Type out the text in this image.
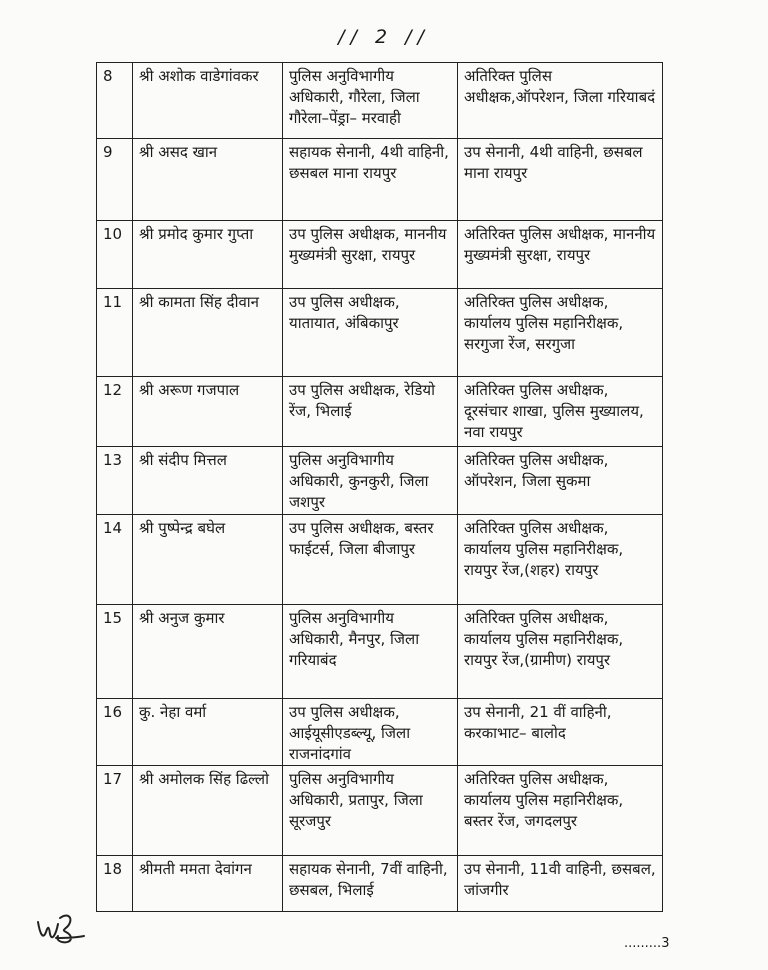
// 2 //
8	श्री अशोक वाडेगांवकर	पुलिस अनुविभागीय अधिकारी, गौरेला, जिला गौरेला–पेंड्रा– मरवाही	अतिरिक्त पुलिस अधीक्षक,ऑपरेशन, जिला गरियाबदं
9	श्री असद खान	सहायक सेनानी, 4थी वाहिनी, छसबल माना रायपुर	उप सेनानी, 4थी वाहिनी, छसबल माना रायपुर
10	श्री प्रमोद कुमार गुप्ता	उप पुलिस अधीक्षक, माननीय मुख्यमंत्री सुरक्षा, रायपुर	अतिरिक्त पुलिस अधीक्षक, माननीय मुख्यमंत्री सुरक्षा, रायपुर
11	श्री कामता सिंह दीवान	उप पुलिस अधीक्षक, यातायात, अंबिकापुर	अतिरिक्त पुलिस अधीक्षक, कार्यालय पुलिस महानिरीक्षक, सरगुजा रेंज, सरगुजा
12	श्री अरूण गजपाल	उप पुलिस अधीक्षक, रेडियो रेंज, भिलाई	अतिरिक्त पुलिस अधीक्षक, दूरसंचार शाखा, पुलिस मुख्यालय, नवा रायपुर
13	श्री संदीप मित्तल	पुलिस अनुविभागीय अधिकारी, कुनकुरी, जिला जशपुर	अतिरिक्त पुलिस अधीक्षक, ऑपरेशन, जिला सुकमा
14	श्री पुष्पेन्द्र बघेल	उप पुलिस अधीक्षक, बस्तर फाईटर्स, जिला बीजापुर	अतिरिक्त पुलिस अधीक्षक, कार्यालय पुलिस महानिरीक्षक, रायपुर रेंज,(शहर) रायपुर
15	श्री अनुज कुमार	पुलिस अनुविभागीय अधिकारी, मैनपुर, जिला गरियाबंद	अतिरिक्त पुलिस अधीक्षक, कार्यालय पुलिस महानिरीक्षक, रायपुर रेंज,(ग्रामीण) रायपुर
16	कु. नेहा वर्मा	उप पुलिस अधीक्षक, आईयूसीएडब्ल्यू, जिला राजनांदगांव	उप सेनानी, 21 वीं वाहिनी, करकाभाट– बालोद
17	श्री अमोलक सिंह ढिल्लो	पुलिस अनुविभागीय अधिकारी, प्रतापुर, जिला सूरजपुर	अतिरिक्त पुलिस अधीक्षक, कार्यालय पुलिस महानिरीक्षक, बस्तर रेंज, जगदलपुर
18	श्रीमती ममता देवांगन	सहायक सेनानी, 7वीं वाहिनी, छसबल, भिलाई	उप सेनानी, 11वी वाहिनी, छसबल, जांजगीर
.........3
